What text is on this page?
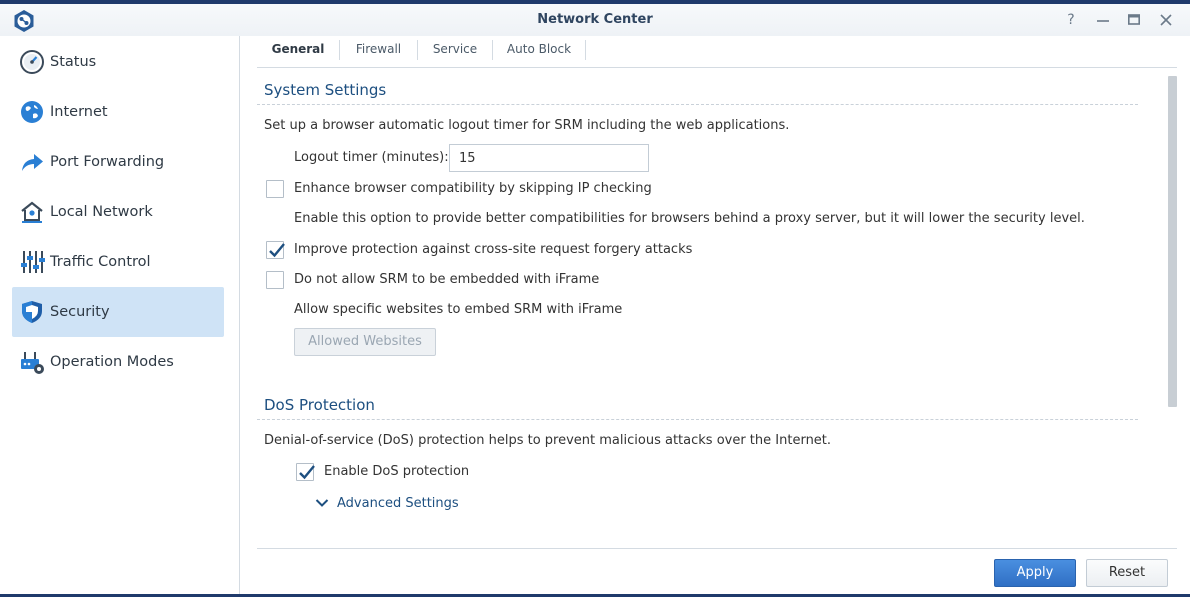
Network Center	?
Status
Internet
Port Forwarding
Local Network
Traffic Control
Security
Operation Modes
General	Firewall	Service	Auto Block
System Settings
Set up a browser automatic logout timer for SRM including the web applications.
Logout timer (minutes):
15
Enhance browser compatibility by skipping IP checking
Enable this option to provide better compatibilities for browsers behind a proxy server, but it will lower the security level.
Improve protection against cross-site request forgery attacks
Do not allow SRM to be embedded with iFrame
Allow specific websites to embed SRM with iFrame
Allowed Websites
DoS Protection
Denial-of-service (DoS) protection helps to prevent malicious attacks over the Internet.
Enable DoS protection
Advanced Settings
Apply	Reset
